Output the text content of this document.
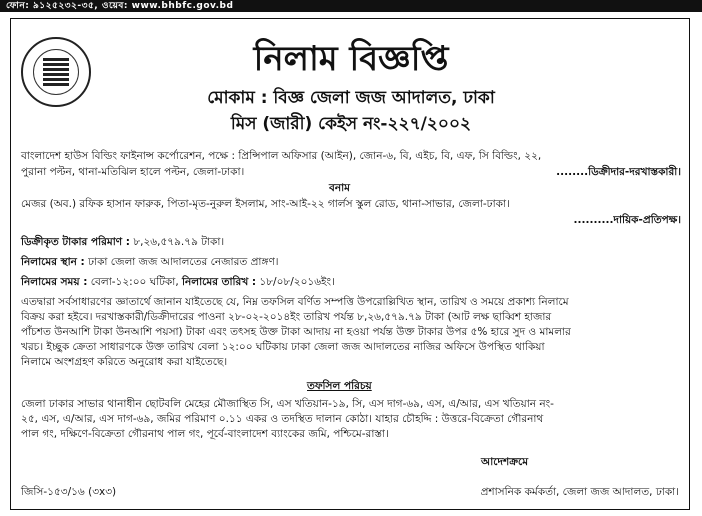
ফোন: ৯১২৫২৩২-৩৫, ওয়েব: www.bhbfc.gov.bd
নিলাম বিজ্ঞপ্তি
মোকাম : বিজ্ঞ জেলা জজ আদালত, ঢাকা
মিস (জারী) কেইস নং-২২৭/২০০২
বাংলাদেশ হাউস বিল্ডিং ফাইনান্স কর্পোরেশন, পক্ষে : প্রিন্সিপাল অফিসার (আইন), জোন-৬, বি, এইচ, বি, এফ, সি বিল্ডিং, ২২,
পুরানা পল্টন, থানা-মতিঝিল হালে পল্টন, জেলা-ঢাকা।	........ডিক্রীদার-দরখাস্তকারী।
বনাম
মেজর (অব.) রফিক হাসান ফারুক, পিতা-মৃত-নুরুল ইসলাম, সাং-আই-২২ গার্লস স্কুল রোড, থানা-সাভার, জেলা-ঢাকা।
..........দায়িক-প্রতিপক্ষ।
ডিক্রীকৃত টাকার পরিমাণ : ৮,২৬,৫৭৯.৭৯ টাকা।
নিলামের স্থান : ঢাকা জেলা জজ আদালতের নেজারত প্রাঙ্গণ।
নিলামের সময় : বেলা-১২:০০ ঘটিকা, নিলামের তারিখ : ১৮/০৮/২০১৬ইং।
এতদ্বারা সর্বসাধারণের জ্ঞাতার্থে জানান যাইতেছে যে, নিম্ন তফসিল বর্ণিত সম্পত্তি উপরোল্লিখিত স্থান, তারিখ ও সময়ে প্রকাশ্য নিলামে
বিক্রয় করা হইবে। দরখাস্তকারী/ডিক্রীদারের পাওনা ২৮-০২-২০১৪ইং তারিখ পর্যন্ত ৮,২৬,৫৭৯.৭৯ টাকা (আট লক্ষ ছাব্বিশ হাজার
পাঁচশত উনআশি টাকা উনআশি পয়সা) টাকা এবং তৎসহ উক্ত টাকা আদায় না হওয়া পর্যন্ত উক্ত টাকার উপর ৫% হারে সুদ ও মামলার
খরচ। ইচ্ছুক ক্রেতা সাধারণকে উক্ত তারিখ বেলা ১২:০০ ঘটিকায় ঢাকা জেলা জজ আদালতের নাজির অফিসে উপস্থিত থাকিয়া
নিলামে অংশগ্রহণ করিতে অনুরোধ করা যাইতেছে।
তফসিল পরিচয়
জেলা ঢাকার সাভার থানাধীন ছোটবলি মেহের মৌজাস্থিত সি, এস খতিয়ান-১৯, সি, এস দাগ-৬৯, এস, এ/আর, এস খতিয়ান নং-
২৫, এস, এ/আর, এস দাগ-৬৯, জমির পরিমাণ ০.১১ একর ও তদস্থিত দালান কোঠা। যাহার চৌহদ্দি : উত্তরে-বিক্রেতা গৌরনাথ
পাল গং, দক্ষিণে-বিক্রেতা গৌরনাথ পাল গং, পূর্বে-বাংলাদেশ ব্যাংকের জমি, পশ্চিমে-রাস্তা।
আদেশক্রমে
জিসি-১৫৩/১৬ (৩x৩)	প্রশাসনিক কর্মকর্তা, জেলা জজ আদালত, ঢাকা।
